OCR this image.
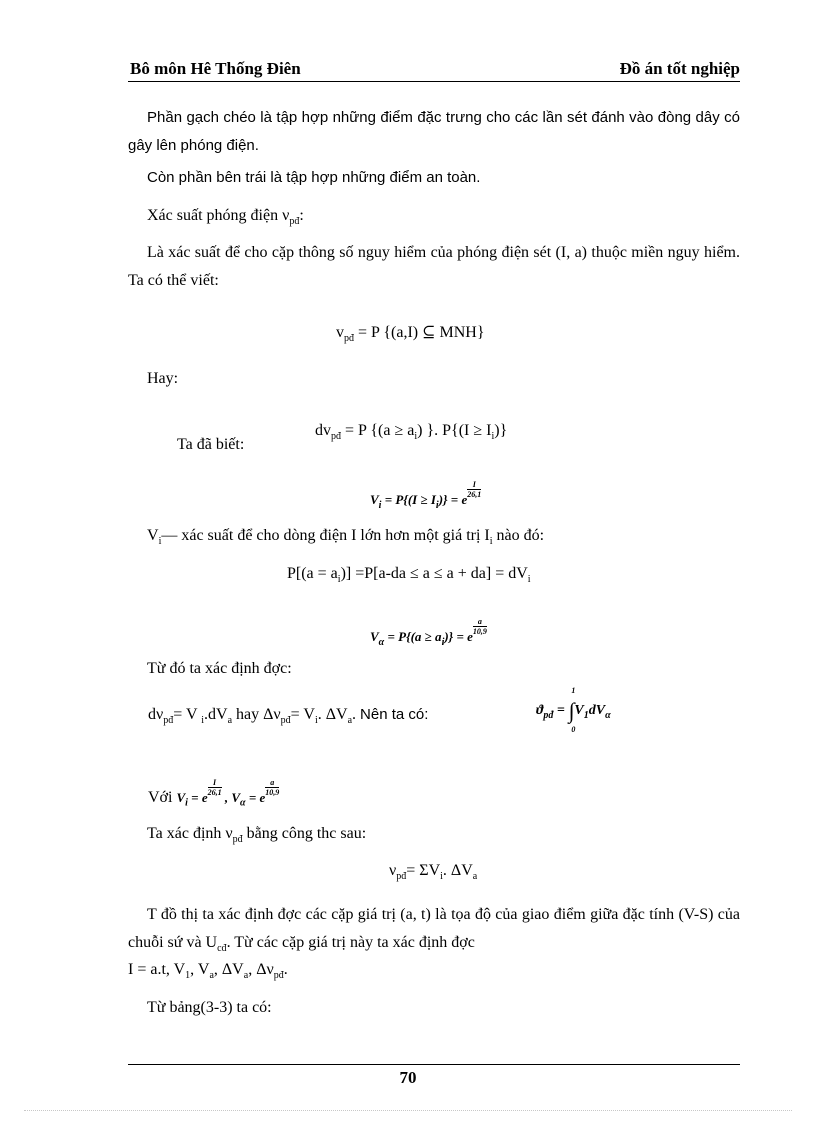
Bô môn Hê Thống Điên	Đồ án tốt nghiệp

Phần gạch chéo là tập hợp những điểm đặc trưng cho các lần sét đánh vào đòng dây có gây lên phóng điện.

Còn phần bên trái là tập hợp những điểm an toàn.

Xác suất phóng điện $\nu_{pđ}$:

Là xác suất để cho cặp thông số nguy hiểm của phóng điện sét (I, a) thuộc miền nguy hiểm. Ta có thể viết:

$v_{pđ} = P$ {(a,I) ⊆ MNH}

Hay:

$dv_{pđ} = P$ {$(a \ge a_i)$ }. $P\{(I \ge I_i)\}$
Ta đã biết:
$V_i = P\{(I \ge I_i)\} = e$
$\frac{I}{26,1}$

$V_i—$ xác suất để cho dòng điện I lớn hơn một giá trị $I_i$ nào đó:

$P[(a = a_i)] =P[a-da \le a \le a + da] = dV_i$
$V_\alpha = P\{(a \ge a_i)\} = e$
$\frac{a}{10,9}$

Từ đó ta xác định đợc:

$d\nu_{pđ}= V$ $_i.dV_a$ hay $\Delta\nu_{pđ}= V_i$. $\Delta V_a$. Nên ta có:	$ϑ_{pđ}$ =
1
∫
0
$V_1dV_\alpha$
Với $V_i = e$
$\frac{I}{26,1}$
, $V_\alpha = e$
$\frac{a}{10,9}$

Ta xác định $\nu_{pđ}$ bằng công thc sau:

$\nu_{pđ}= \Sigma V_i$. $\Delta V_a$

T đồ thị ta xác định đợc các cặp giá trị (a, t) là tọa độ của giao điểm giữa đặc tính (V-S) của chuỗi sứ và $U_{cđ}$. Từ các cặp giá trị này ta xác định đợc

I = a.t, $V_1$, $V_a$, $\Delta V_a$, $\Delta\nu_{pđ}$.

Từ bảng(3-3) ta có:

70
